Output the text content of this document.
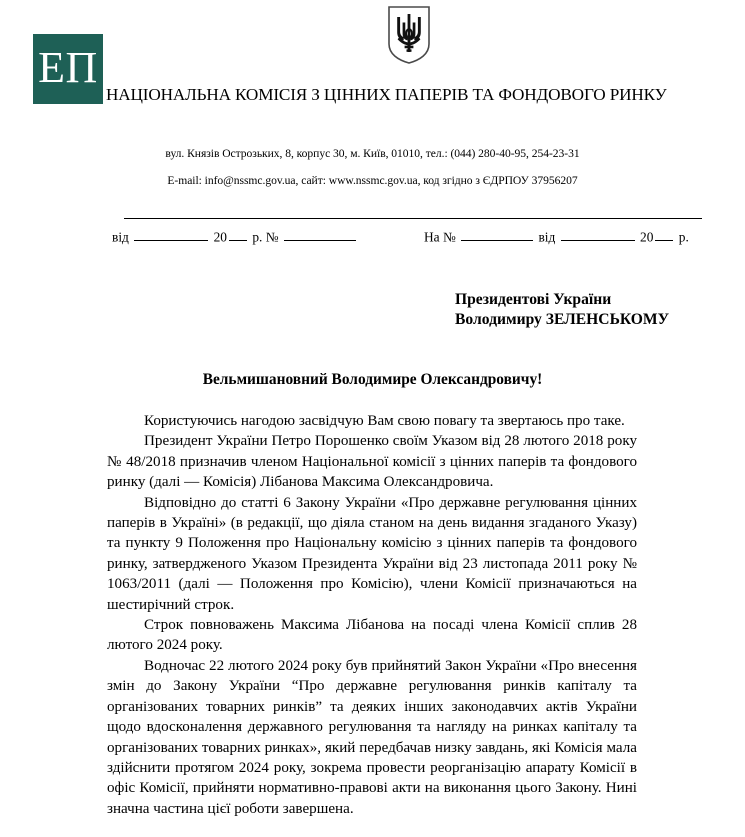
ЕП
НАЦІОНАЛЬНА КОМІСІЯ З ЦІННИХ ПАПЕРІВ ТА ФОНДОВОГО РИНКУ
вул. Князів Острозьких, 8, корпус 30, м. Київ, 01010, тел.: (044) 280-40-95, 254-23-31
E-mail: info@nssmc.gov.ua, сайт: www.nssmc.gov.ua, код згідно з ЄДРПОУ 37956207
від	20 р. №	На №	від	20 р.
Президентові України
Володимиру ЗЕЛЕНСЬКОМУ
Вельмишановний Володимире Олександровичу!

Користуючись нагодою засвідчую Вам свою повагу та звертаюсь про таке.

Президент України Петро Порошенко своїм Указом від 28 лютого 2018 року № 48/2018 призначив членом Національної комісії з цінних паперів та фондового ринку (далі — Комісія) Лібанова Максима Олександровича.

Відповідно до статті 6 Закону України «Про державне регулювання цінних паперів в Україні» (в редакції, що діяла станом на день видання згаданого Указу) та пункту 9 Положення про Національну комісію з цінних паперів та фондового ринку, затвердженого Указом Президента України від 23 листопада 2011 року № 1063/2011 (далі — Положення про Комісію), члени Комісії призначаються на шестирічний строк.

Строк повноважень Максима Лібанова на посаді члена Комісії сплив 28 лютого 2024 року.

Водночас 22 лютого 2024 року був прийнятий Закон України «Про внесення змін до Закону України “Про державне регулювання ринків капіталу та організованих товарних ринків” та деяких інших законодавчих актів України щодо вдосконалення державного регулювання та нагляду на ринках капіталу та організованих товарних ринках», який передбачав низку завдань, які Комісія мала здійснити протягом 2024 року, зокрема провести реорганізацію апарату Комісії в офіс Комісії, прийняти нормативно-правові акти на виконання цього Закону. Нині значна частина цієї роботи завершена.
